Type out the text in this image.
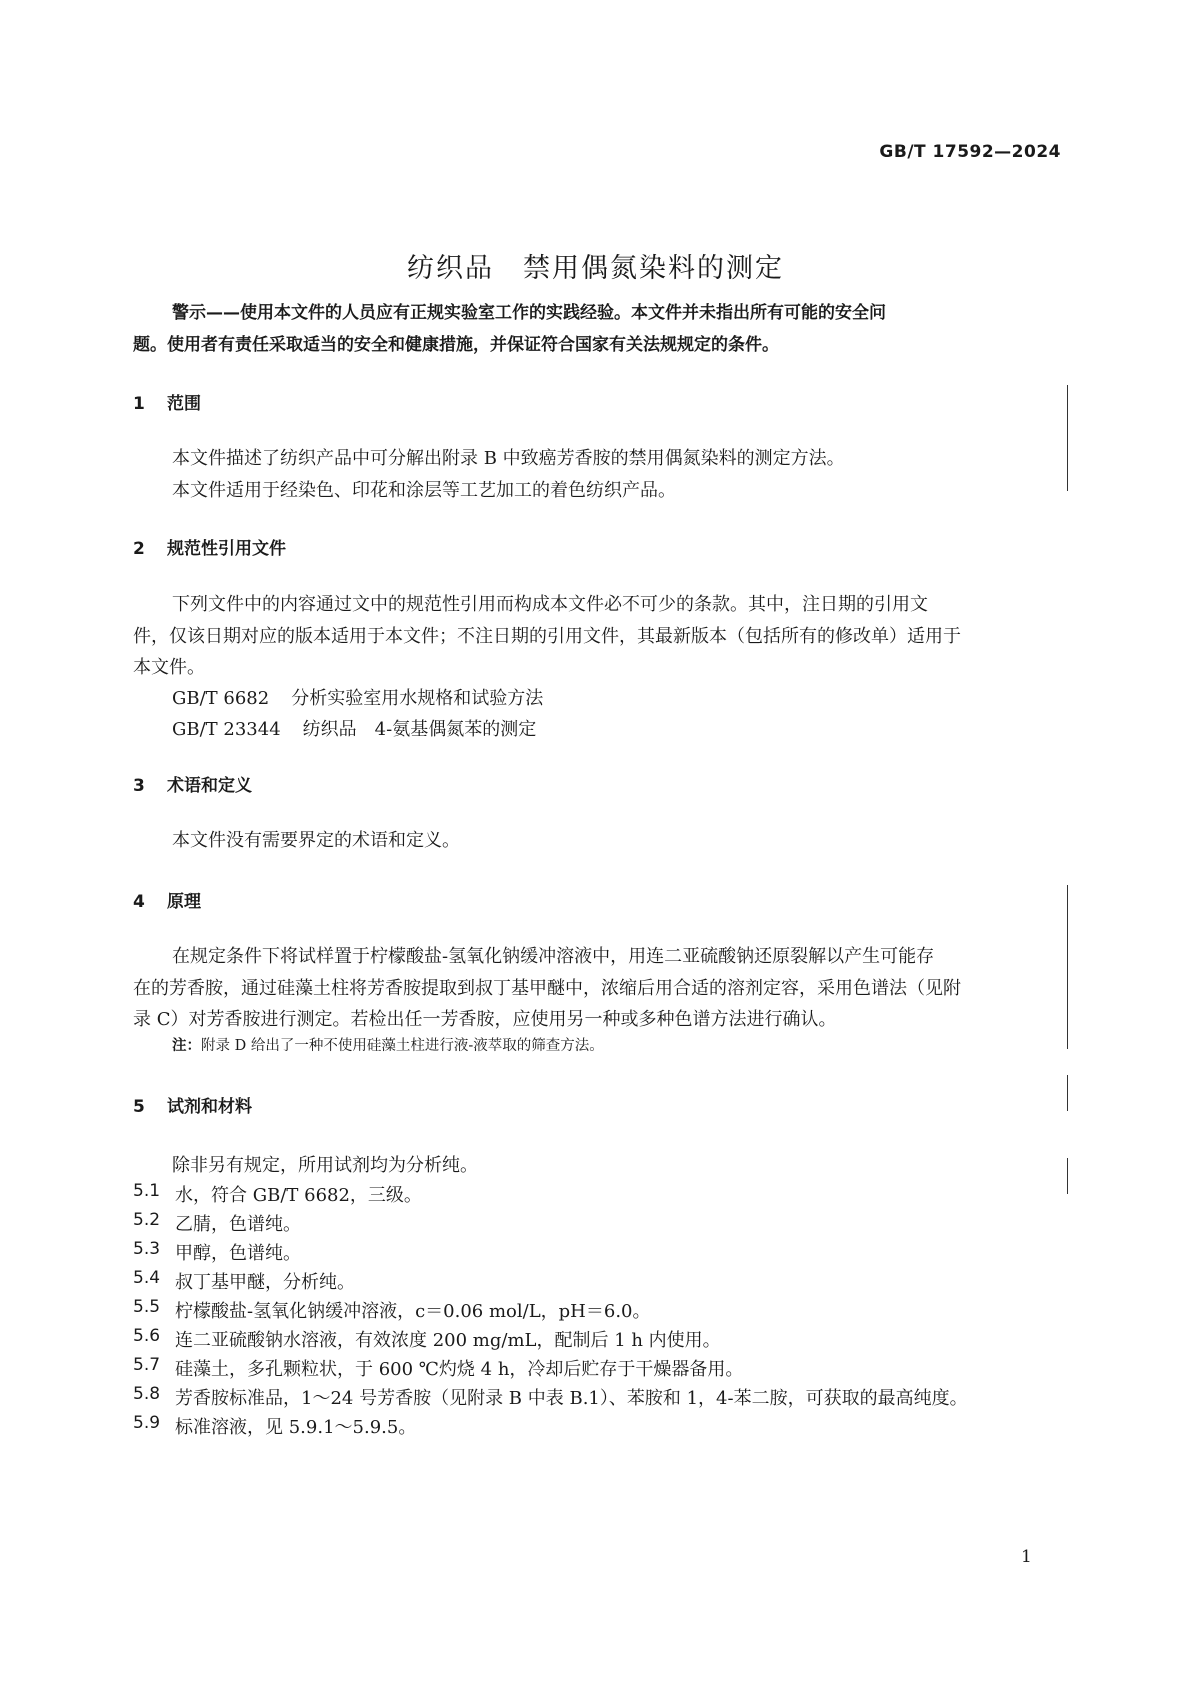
GB/T 17592—2024
纺织品　禁用偶氮染料的测定
警示——使用本文件的人员应有正规实验室工作的实践经验。本文件并未指出所有可能的安全问
题。使用者有责任采取适当的安全和健康措施，并保证符合国家有关法规规定的条件。
1 范围
本文件描述了纺织产品中可分解出附录 B 中致癌芳香胺的禁用偶氮染料的测定方法。
本文件适用于经染色、印花和涂层等工艺加工的着色纺织产品。
2 规范性引用文件
下列文件中的内容通过文中的规范性引用而构成本文件必不可少的条款。其中，注日期的引用文
件，仅该日期对应的版本适用于本文件；不注日期的引用文件，其最新版本（包括所有的修改单）适用于
本文件。
GB/T 6682 分析实验室用水规格和试验方法
GB/T 23344 纺织品 4-氨基偶氮苯的测定
3 术语和定义
本文件没有需要界定的术语和定义。
4 原理
在规定条件下将试样置于柠檬酸盐-氢氧化钠缓冲溶液中，用连二亚硫酸钠还原裂解以产生可能存
在的芳香胺，通过硅藻土柱将芳香胺提取到叔丁基甲醚中，浓缩后用合适的溶剂定容，采用色谱法（见附
录 C）对芳香胺进行测定。若检出任一芳香胺，应使用另一种或多种色谱方法进行确认。
注：附录 D 给出了一种不使用硅藻土柱进行液-液萃取的筛查方法。
5 试剂和材料
除非另有规定，所用试剂均为分析纯。
5.1 水，符合 GB/T 6682，三级。
5.2 乙腈，色谱纯。
5.3 甲醇，色谱纯。
5.4 叔丁基甲醚，分析纯。
5.5 柠檬酸盐-氢氧化钠缓冲溶液，c＝0.06 mol/L，pH＝6.0。
5.6 连二亚硫酸钠水溶液，有效浓度 200 mg/mL，配制后 1 h 内使用。
5.7 硅藻土，多孔颗粒状，于 600 ℃灼烧 4 h，冷却后贮存于干燥器备用。
5.8 芳香胺标准品，1～24 号芳香胺（见附录 B 中表 B.1）、苯胺和 1，4-苯二胺，可获取的最高纯度。
5.9 标准溶液，见 5.9.1～5.9.5。
1
